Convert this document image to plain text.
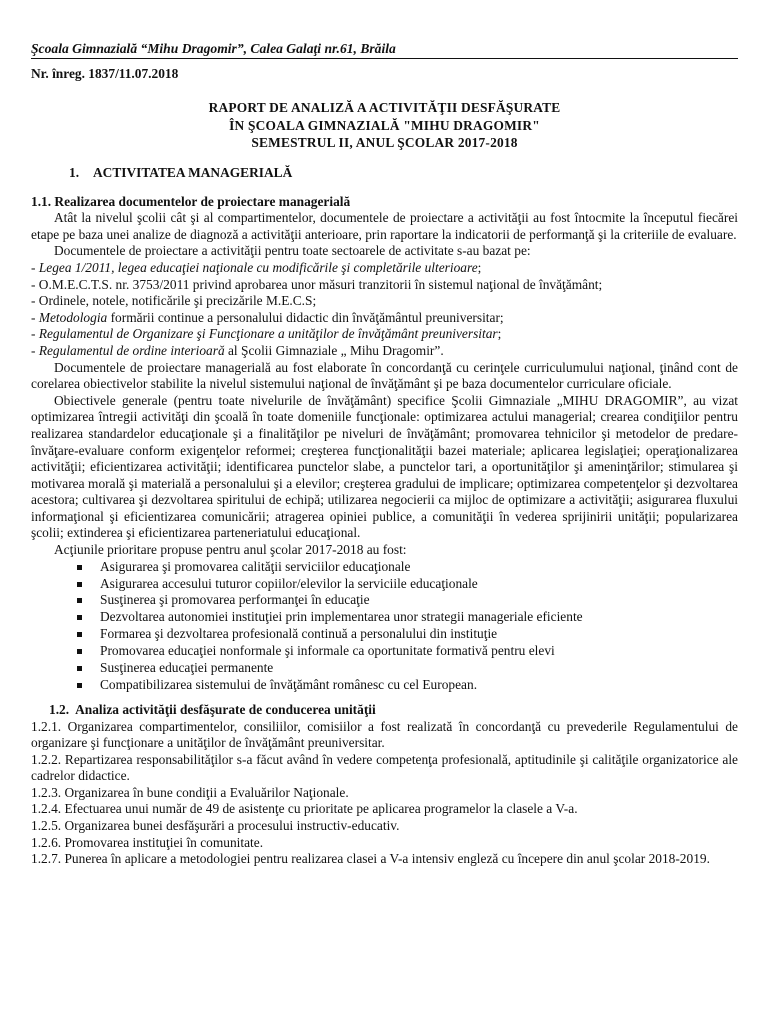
Şcoala Gimnazială “Mihu Dragomir”, Calea Galaţi nr.61, Brăila
Nr. înreg. 1837/11.07.2018
RAPORT DE ANALIZĂ A ACTIVITĂŢII DESFĂŞURATE
ÎN ŞCOALA GIMNAZIALĂ "MIHU DRAGOMIR"
SEMESTRUL II, ANUL ŞCOLAR 2017-2018
1. ACTIVITATEA MANAGERIALĂ
1.1. Realizarea documentelor de proiectare managerială

Atât la nivelul şcolii cât şi al compartimentelor, documentele de proiectare a activităţii au fost întocmite la începutul fiecărei etape pe baza unei analize de diagnoză a activităţii anterioare, prin raportare la indicatorii de performanţă şi la criteriile de evaluare.

Documentele de proiectare a activităţii pentru toate sectoarele de activitate s-au bazat pe:

- Legea 1/2011, legea educaţiei naţionale cu modificările şi completările ulterioare;

- O.M.E.C.T.S. nr. 3753/2011 privind aprobarea unor măsuri tranzitorii în sistemul naţional de învăţământ;

- Ordinele, notele, notificările şi precizările M.E.C.S;

- Metodologia formării continue a personalului didactic din învăţământul preuniversitar;

- Regulamentul de Organizare şi Funcţionare a unităţilor de învăţământ preuniversitar;

- Regulamentul de ordine interioară al Şcolii Gimnaziale „ Mihu Dragomir”.

Documentele de proiectare managerială au fost elaborate în concordanţă cu cerinţele curriculumului naţional, ţinând cont de corelarea obiectivelor stabilite la nivelul sistemului naţional de învăţământ şi pe baza documentelor curriculare oficiale.

Obiectivele generale (pentru toate nivelurile de învăţământ) specifice Şcolii Gimnaziale „MIHU DRAGOMIR”, au vizat optimizarea întregii activităţi din şcoală în toate domeniile funcţionale: optimizarea actului managerial; crearea condiţiilor pentru realizarea standardelor educaţionale şi a finalităţilor pe niveluri de învăţământ; promovarea tehnicilor şi metodelor de predare-învăţare-evaluare conform exigenţelor reformei; creşterea funcţionalităţii bazei materiale; aplicarea legislaţiei; operaţionalizarea activităţii; eficientizarea activităţii; identificarea punctelor slabe, a punctelor tari, a oportunităţilor şi ameninţărilor; stimularea şi motivarea morală şi materială a personalului şi a elevilor; creşterea gradului de implicare; optimizarea competenţelor şi dezvoltarea acestora; cultivarea şi dezvoltarea spiritului de echipă; utilizarea negocierii ca mijloc de optimizare a activităţii; asigurarea fluxului informaţional şi eficientizarea comunicării; atragerea opiniei publice, a comunităţii în vederea sprijinirii unităţii; popularizarea şcolii; extinderea şi eficientizarea parteneriatului educaţional.

Acţiunile prioritare propuse pentru anul şcolar 2017-2018 au fost:

Asigurarea şi promovarea calităţii serviciilor educaţionale
Asigurarea accesului tuturor copiilor/elevilor la serviciile educaţionale
Susţinerea şi promovarea performanţei în educaţie
Dezvoltarea autonomiei instituţiei prin implementarea unor strategii manageriale eficiente
Formarea şi dezvoltarea profesională continuă a personalului din instituţie
Promovarea educaţiei nonformale şi informale ca oportunitate formativă pentru elevi
Susţinerea educaţiei permanente
Compatibilizarea sistemului de învăţământ românesc cu cel European.
1.2. Analiza activităţii desfăşurate de conducerea unităţii

1.2.1. Organizarea compartimentelor, consiliilor, comisiilor a fost realizată în concordanţă cu prevederile Regulamentului de organizare şi funcţionare a unităţilor de învăţământ preuniversitar.

1.2.2. Repartizarea responsabilităţilor s-a făcut având în vedere competenţa profesională, aptitudinile şi calităţile organizatorice ale cadrelor didactice.

1.2.3. Organizarea în bune condiţii a Evaluărilor Naţionale.

1.2.4. Efectuarea unui număr de 49 de asistenţe cu prioritate pe aplicarea programelor la clasele a V-a.

1.2.5. Organizarea bunei desfăşurări a procesului instructiv-educativ.

1.2.6. Promovarea instituţiei în comunitate.

1.2.7. Punerea în aplicare a metodologiei pentru realizarea clasei a V-a intensiv engleză cu începere din anul şcolar 2018-2019.
